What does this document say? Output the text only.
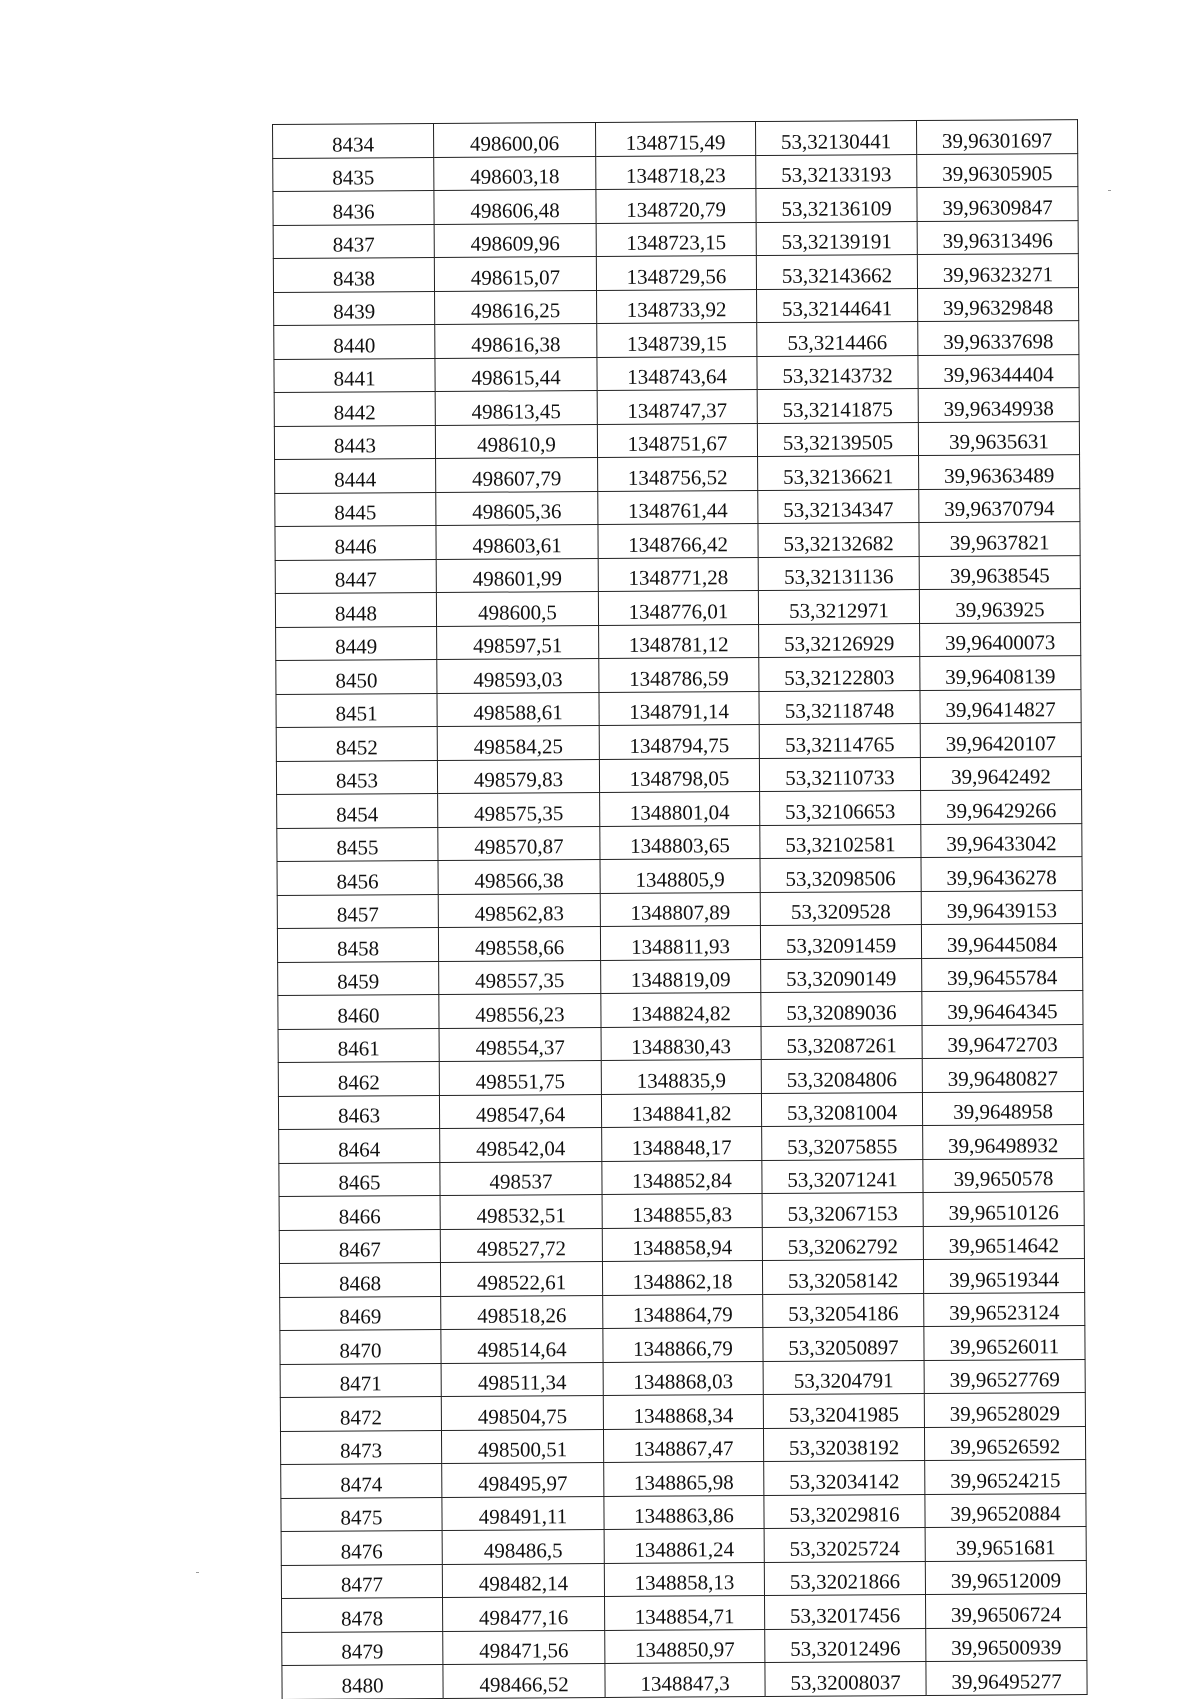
8434	498600,06	1348715,49	53,32130441	39,96301697
8435	498603,18	1348718,23	53,32133193	39,96305905
8436	498606,48	1348720,79	53,32136109	39,96309847
8437	498609,96	1348723,15	53,32139191	39,96313496
8438	498615,07	1348729,56	53,32143662	39,96323271
8439	498616,25	1348733,92	53,32144641	39,96329848
8440	498616,38	1348739,15	53,3214466	39,96337698
8441	498615,44	1348743,64	53,32143732	39,96344404
8442	498613,45	1348747,37	53,32141875	39,96349938
8443	498610,9	1348751,67	53,32139505	39,9635631
8444	498607,79	1348756,52	53,32136621	39,96363489
8445	498605,36	1348761,44	53,32134347	39,96370794
8446	498603,61	1348766,42	53,32132682	39,9637821
8447	498601,99	1348771,28	53,32131136	39,9638545
8448	498600,5	1348776,01	53,3212971	39,963925
8449	498597,51	1348781,12	53,32126929	39,96400073
8450	498593,03	1348786,59	53,32122803	39,96408139
8451	498588,61	1348791,14	53,32118748	39,96414827
8452	498584,25	1348794,75	53,32114765	39,96420107
8453	498579,83	1348798,05	53,32110733	39,9642492
8454	498575,35	1348801,04	53,32106653	39,96429266
8455	498570,87	1348803,65	53,32102581	39,96433042
8456	498566,38	1348805,9	53,32098506	39,96436278
8457	498562,83	1348807,89	53,3209528	39,96439153
8458	498558,66	1348811,93	53,32091459	39,96445084
8459	498557,35	1348819,09	53,32090149	39,96455784
8460	498556,23	1348824,82	53,32089036	39,96464345
8461	498554,37	1348830,43	53,32087261	39,96472703
8462	498551,75	1348835,9	53,32084806	39,96480827
8463	498547,64	1348841,82	53,32081004	39,9648958
8464	498542,04	1348848,17	53,32075855	39,96498932
8465	498537	1348852,84	53,32071241	39,9650578
8466	498532,51	1348855,83	53,32067153	39,96510126
8467	498527,72	1348858,94	53,32062792	39,96514642
8468	498522,61	1348862,18	53,32058142	39,96519344
8469	498518,26	1348864,79	53,32054186	39,96523124
8470	498514,64	1348866,79	53,32050897	39,96526011
8471	498511,34	1348868,03	53,3204791	39,96527769
8472	498504,75	1348868,34	53,32041985	39,96528029
8473	498500,51	1348867,47	53,32038192	39,96526592
8474	498495,97	1348865,98	53,32034142	39,96524215
8475	498491,11	1348863,86	53,32029816	39,96520884
8476	498486,5	1348861,24	53,32025724	39,9651681
8477	498482,14	1348858,13	53,32021866	39,96512009
8478	498477,16	1348854,71	53,32017456	39,96506724
8479	498471,56	1348850,97	53,32012496	39,96500939
8480	498466,52	1348847,3	53,32008037	39,96495277
